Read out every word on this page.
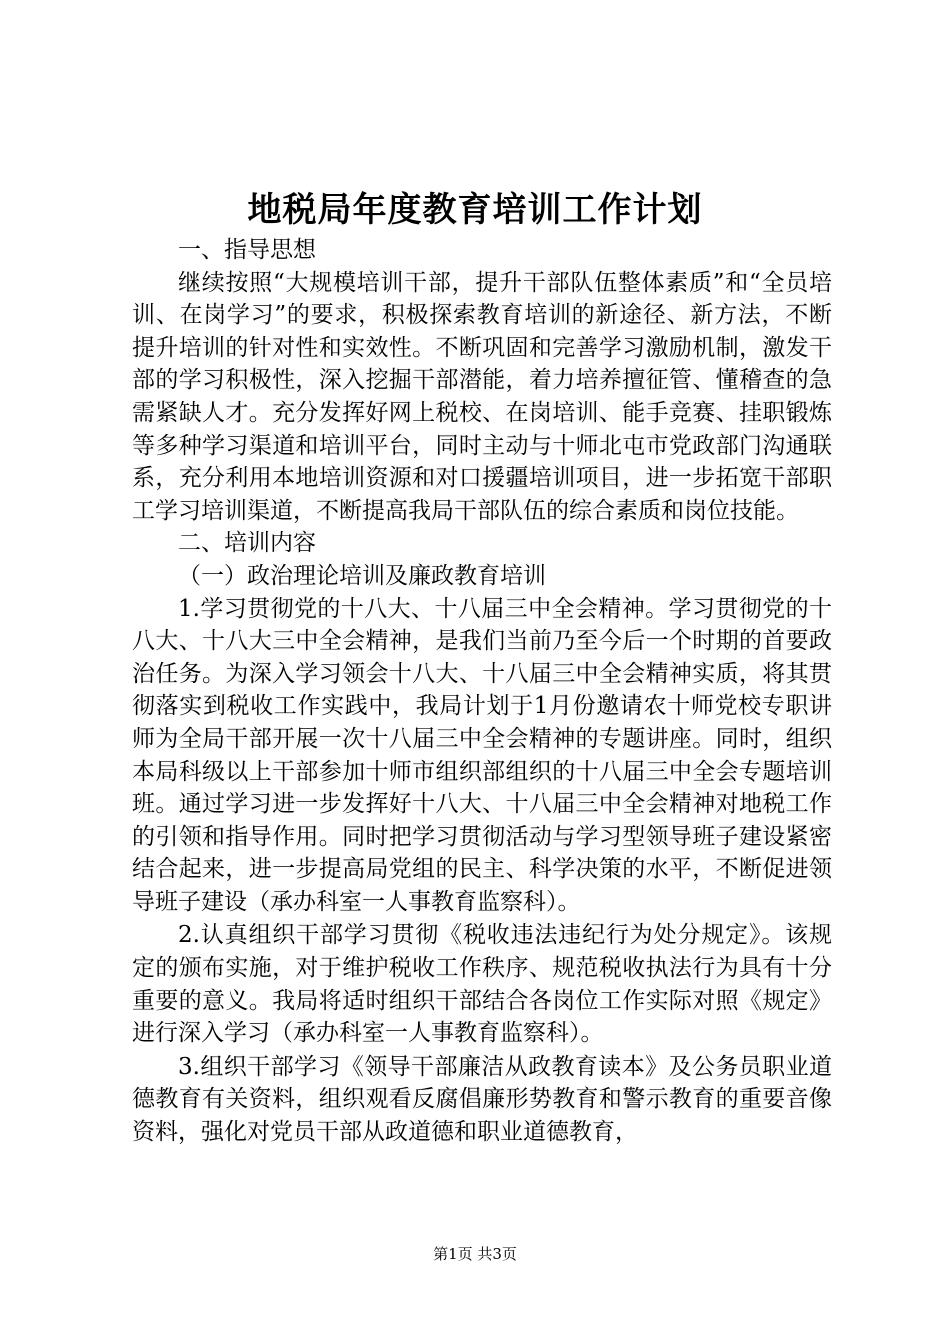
地税局年度教育培训工作计划

一、指导思想

继续按照“大规模培训干部，提升干部队伍整体素质”和“全员培训、在岗学习”的要求，积极探索教育培训的新途径、新方法，不断提升培训的针对性和实效性。不断巩固和完善学习激励机制，激发干部的学习积极性，深入挖掘干部潜能，着力培养擅征管、懂稽查的急需紧缺人才。充分发挥好网上税校、在岗培训、能手竞赛、挂职锻炼等多种学习渠道和培训平台，同时主动与十师北屯市党政部门沟通联系，充分利用本地培训资源和对口援疆培训项目，进一步拓宽干部职工学习培训渠道，不断提高我局干部队伍的综合素质和岗位技能。

二、培训内容

（一）政治理论培训及廉政教育培训

1.学习贯彻党的十八大、十八届三中全会精神。学习贯彻党的十八大、十八大三中全会精神，是我们当前乃至今后一个时期的首要政治任务。为深入学习领会十八大、十八届三中全会精神实质，将其贯彻落实到税收工作实践中，我局计划于1月份邀请农十师党校专职讲师为全局干部开展一次十八届三中全会精神的专题讲座。同时，组织本局科级以上干部参加十师市组织部组织的十八届三中全会专题培训班。通过学习进一步发挥好十八大、十八届三中全会精神对地税工作的引领和指导作用。同时把学习贯彻活动与学习型领导班子建设紧密结合起来，进一步提高局党组的民主、科学决策的水平，不断促进领导班子建设（承办科室一人事教育监察科）。

2.认真组织干部学习贯彻《税收违法违纪行为处分规定》。该规定的颁布实施，对于维护税收工作秩序、规范税收执法行为具有十分重要的意义。我局将适时组织干部结合各岗位工作实际对照《规定》进行深入学习（承办科室一人事教育监察科）。

3.组织干部学习《领导干部廉洁从政教育读本》及公务员职业道德教育有关资料，组织观看反腐倡廉形势教育和警示教育的重要音像资料，强化对党员干部从政道德和职业道德教育，

第1页 共3页
